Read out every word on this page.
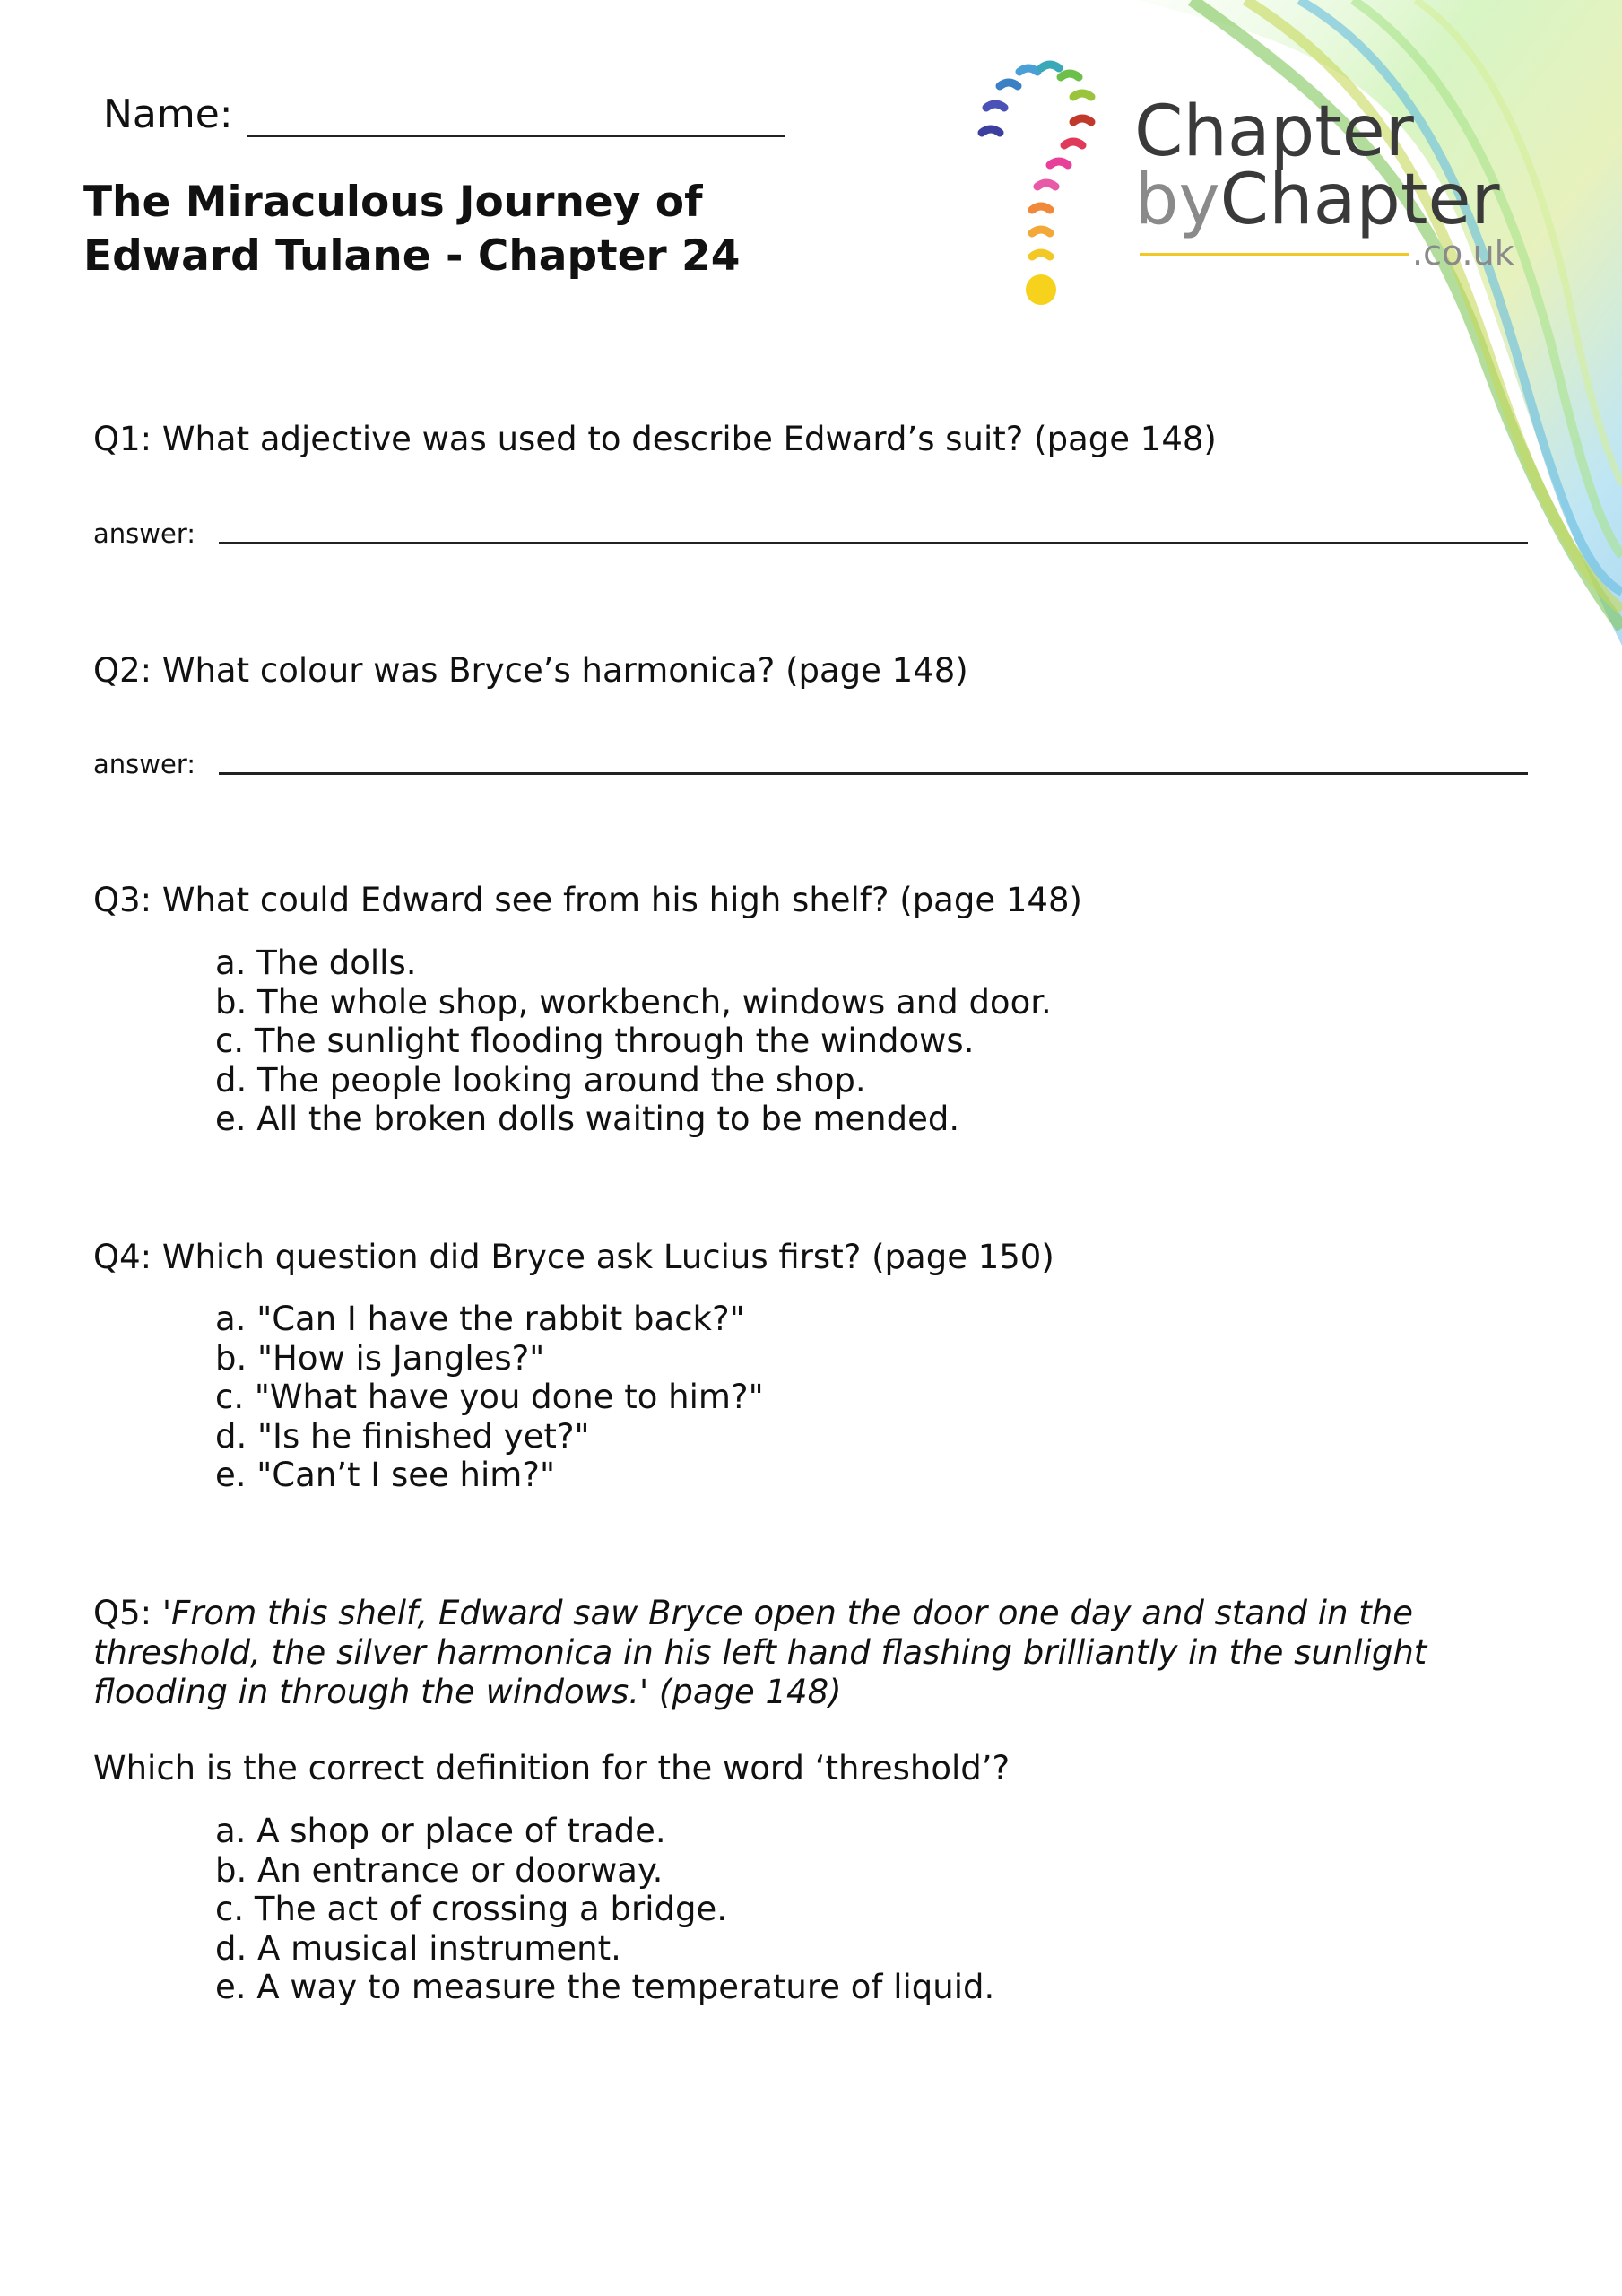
Name:
The Miraculous Journey of
Edward Tulane - Chapter 24
Chapter
byChapter
.co.uk
Q1: What adjective was used to describe Edward’s suit? (page 148)
answer:
Q2: What colour was Bryce’s harmonica? (page 148)
answer:
Q3: What could Edward see from his high shelf? (page 148)
a. The dolls.
b. The whole shop, workbench, windows and door.
c. The sunlight flooding through the windows.
d. The people looking around the shop.
e. All the broken dolls waiting to be mended.
Q4: Which question did Bryce ask Lucius first? (page 150)
a. "Can I have the rabbit back?"
b. "How is Jangles?"
c. "What have you done to him?"
d. "Is he finished yet?"
e. "Can’t I see him?"
Q5: 'From this shelf, Edward saw Bryce open the door one day and stand in the
threshold, the silver harmonica in his left hand flashing brilliantly in the sunlight
flooding in through the windows.' (page 148)
Which is the correct definition for the word ‘threshold’?
a. A shop or place of trade.
b. An entrance or doorway.
c. The act of crossing a bridge.
d. A musical instrument.
e. A way to measure the temperature of liquid.
